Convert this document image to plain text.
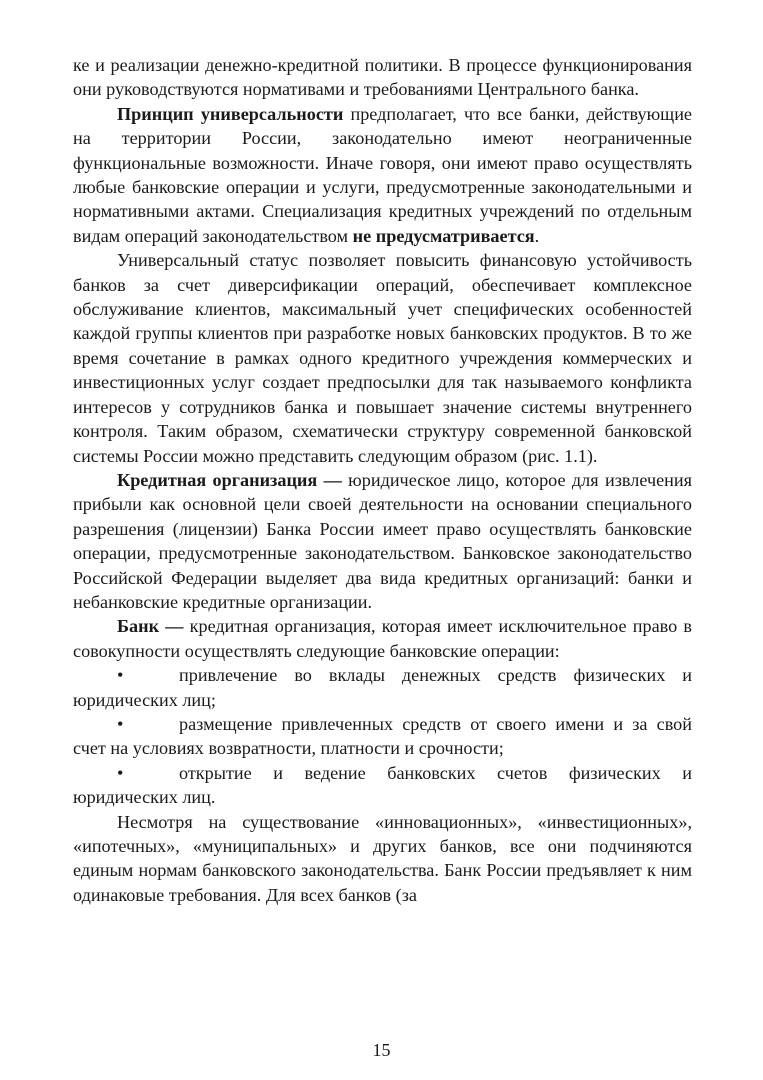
ке и реализации денежно-кредитной политики. В процессе функционирования они руководствуются нормативами и требованиями Центрального банка.

Принцип универсальности предполагает, что все банки, действующие на территории России, законодательно имеют неограниченные функциональные возможности. Иначе говоря, они имеют право осуществлять любые банковские операции и услуги, предусмотренные законодательными и нормативными актами. Специализация кредитных учреждений по отдельным видам операций законодательством не предусматривается.

Универсальный статус позволяет повысить финансовую устойчивость банков за счет диверсификации операций, обеспечивает комплексное обслуживание клиентов, максимальный учет специфических особенностей каждой группы клиентов при разработке новых банковских продуктов. В то же время сочетание в рамках одного кредитного учреждения коммерческих и инвестиционных услуг создает предпосылки для так называемого конфликта интересов у сотрудников банка и повышает значение системы внутреннего контроля. Таким образом, схематически структуру современной банковской системы России можно представить следующим образом (рис. 1.1).

Кредитная организация — юридическое лицо, которое для извлечения прибыли как основной цели своей деятельности на основании специального разрешения (лицензии) Банка России имеет право осуществлять банковские операции, предусмотренные законодательством. Банковское законодательство Российской Федерации выделяет два вида кредитных организаций: банки и небанковские кредитные организации.

Банк — кредитная организация, которая имеет исключительное право в совокупности осуществлять следующие банковские операции:

•	привлечение во вклады денежных средств физических и юридических лиц;

•	размещение привлеченных средств от своего имени и за свой счет на условиях возвратности, платности и срочности;

•	открытие и ведение банковских счетов физических и юридических лиц.

Несмотря на существование «инновационных», «инвестиционных», «ипотечных», «муниципальных» и других банков, все они подчиняются единым нормам банковского законодательства. Банк России предъявляет к ним одинаковые требования. Для всех банков (за

15
